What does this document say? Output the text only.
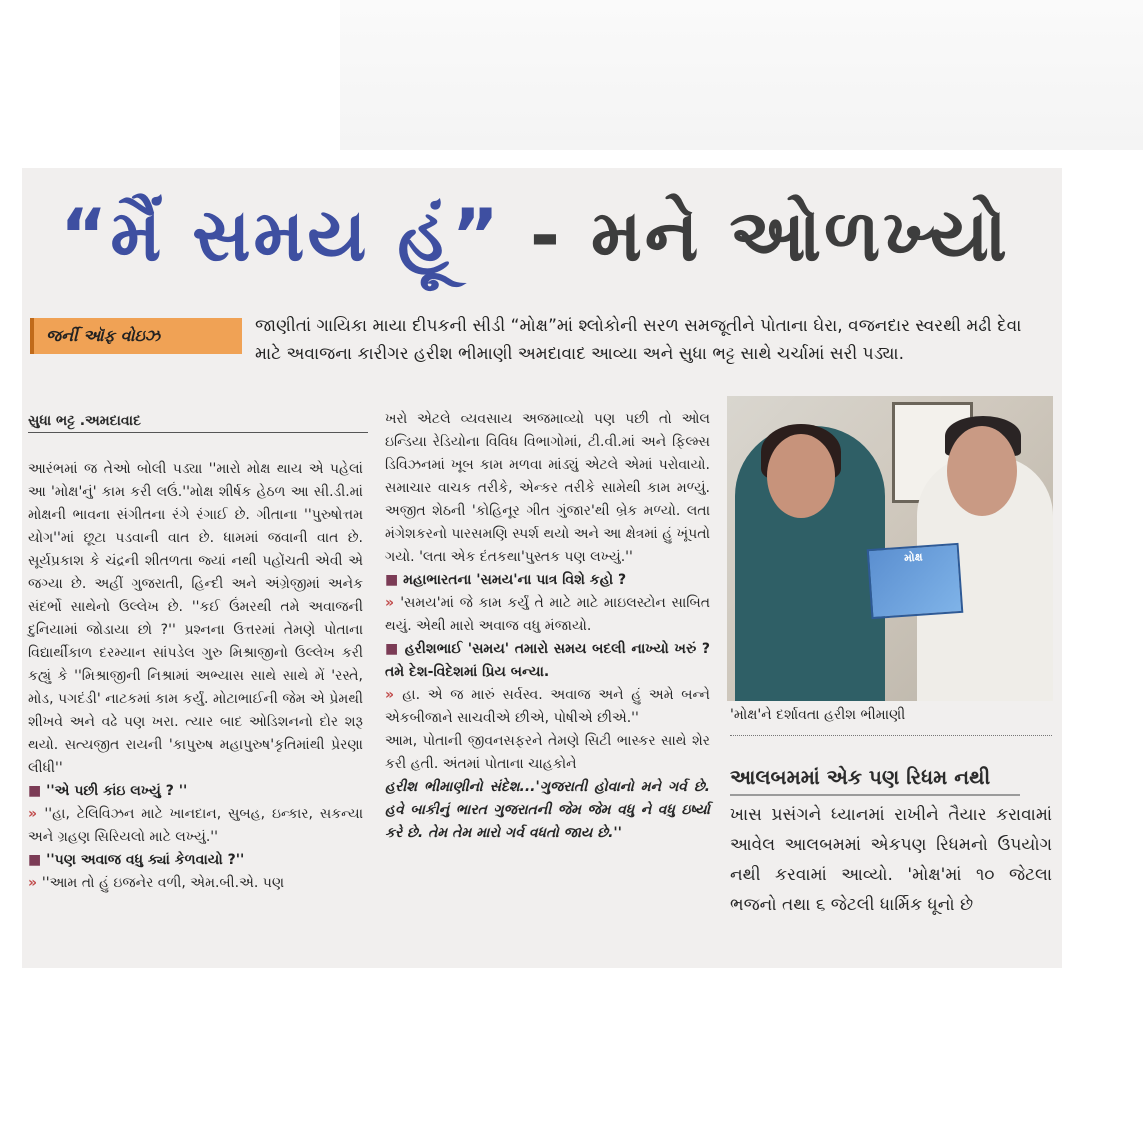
“મૈં સમય હૂં” - મને ઓળખ્યો
જર્ની ઑફ વોઇઝ	જાણીતાં ગાયિકા માયા દીપકની સીડી “મોક્ષ”માં શ્લોકોની સરળ સમજૂતીને પોતાના ઘેરા, વજનદાર સ્વરથી મઢી દેવા માટે અવાજના કારીગર હરીશ ભીમાણી અમદાવાદ આવ્યા અને સુધા ભટ્ટ સાથે ચર્ચામાં સરી પડ્યા.
સુધા ભટ્ટ .અમદાવાદ

આરંભમાં જ તેઓ બોલી પડ્યા ''મારો મોક્ષ થાય એ પહેલાં આ 'મોક્ષ'નું' કામ કરી લઉં.''મોક્ષ શીર્ષક હેઠળ આ સી.ડી.માં મોક્ષની ભાવના સંગીતના રંગે રંગાઈ છે. ગીતાના ''પુરુષોત્તમ યોગ''માં છૂટા પડવાની વાત છે. ધામમાં જવાની વાત છે. સૂર્યપ્રકાશ કે ચંદ્રની શીતળતા જ્યાં નથી પહોંચતી એવી એ જગ્યા છે. અહીં ગુજરાતી, હિન્દી અને અંગ્રેજીમાં અનેક સંદર્ભો સાથેનો ઉલ્લેખ છે. ''કઈ ઉંમરથી તમે અવાજની દુનિયામાં જોડાયા છો ?'' પ્રશ્નના ઉત્તરમાં તેમણે પોતાના વિદ્યાર્થીકાળ દરમ્યાન સાંપડેલ ગુરુ મિશ્રાજીનો ઉલ્લેખ કરી કહ્યું કે ''મિશ્રાજીની નિશ્રામાં અભ્યાસ સાથે સાથે મેં 'રસ્તે, મોડ, પગદંડી' નાટકમાં કામ કર્યું. મોટાભાઈની જેમ એ પ્રેમથી શીખવે અને વઢે પણ ખરા. ત્યાર બાદ ઓડિશનનો દોર શરૂ થયો. સત્યજીત રાયની 'કાપુરુષ મહાપુરુષ'કૃતિમાંથી પ્રેરણા લીધી''

■ ''એ પછી કાંઇ લખ્યું ? ''

» ''હા, ટેલિવિઝન માટે ખાનદાન, સુબહ, ઇન્કાર, સકન્યા અને ગ્રહણ સિરિયલો માટે લખ્યું.''

■ ''પણ અવાજ વધુ ક્યાં કેળવાયો ?''

» ''આમ તો હું ઇજનેર વળી, એમ.બી.એ. પણ

ખરો એટલે વ્યવસાય અજમાવ્યો પણ પછી તો ઓલ ઇન્ડિયા રેડિયોના વિવિધ વિભાગોમાં, ટી.વી.માં અને ફિલ્મ્સ ડિવિઝનમાં ખૂબ કામ મળવા માંડ્યું એટલે એમાં પરોવાયો. સમાચાર વાચક તરીકે, એન્કર તરીકે સામેથી કામ મળ્યું. અજીત શેઠની 'કોહિનૂર ગીત ગુંજાર'થી બ્રેક મળ્યો. લતા મંગેશકરનો પારસમણિ સ્પર્શ થયો અને આ ક્ષેત્રમાં હું ખૂંપતો ગયો. 'લતા એક દંતકથા'પુસ્તક પણ લખ્યું.''

■ મહાભારતના 'સમય'ના પાત્ર વિશે કહો ?

» 'સમય'માં જે કામ કર્યું તે માટે માટે માઇલસ્ટોન સાબિત થયું. એથી મારો અવાજ વધુ મંજાયો.

■ હરીશભાઈ 'સમય' તમારો સમય બદલી નાખ્યો ખરું ? તમે દેશ-વિદેશમાં પ્રિય બન્યા.

» હા. એ જ મારું સર્વસ્વ. અવાજ અને હું અમે બન્ને એકબીજાને સાચવીએ છીએ, પોષીએ છીએ.''

આમ, પોતાની જીવનસફરને તેમણે સિટી ભાસ્કર સાથે શેર કરી હતી. અંતમાં પોતાના ચાહકોને

હરીશ ભીમાણીનો સંદેશ...'ગુજરાતી હોવાનો મને ગર્વ છે. હવે બાકીનું ભારત ગુજરાતની જેમ જેમ વધુ ને વધુ ઇર્ષ્યા કરે છે. તેમ તેમ મારો ગર્વ વધતો જાય છે.''

મોક્ષ
'મોક્ષ'ને દર્શાવતા હરીશ ભીમાણી
આલબમમાં એક પણ રિધમ નથી

ખાસ પ્રસંગને ધ્યાનમાં રાખીને તૈયાર કરાવામાં આવેલ આલબમમાં એકપણ રિધમનો ઉપયોગ નથી કરવામાં આવ્યો. 'મોક્ષ'માં ૧૦ જેટલા ભજનો તથા ૬ જેટલી ધાર્મિક ધૂનો છે
